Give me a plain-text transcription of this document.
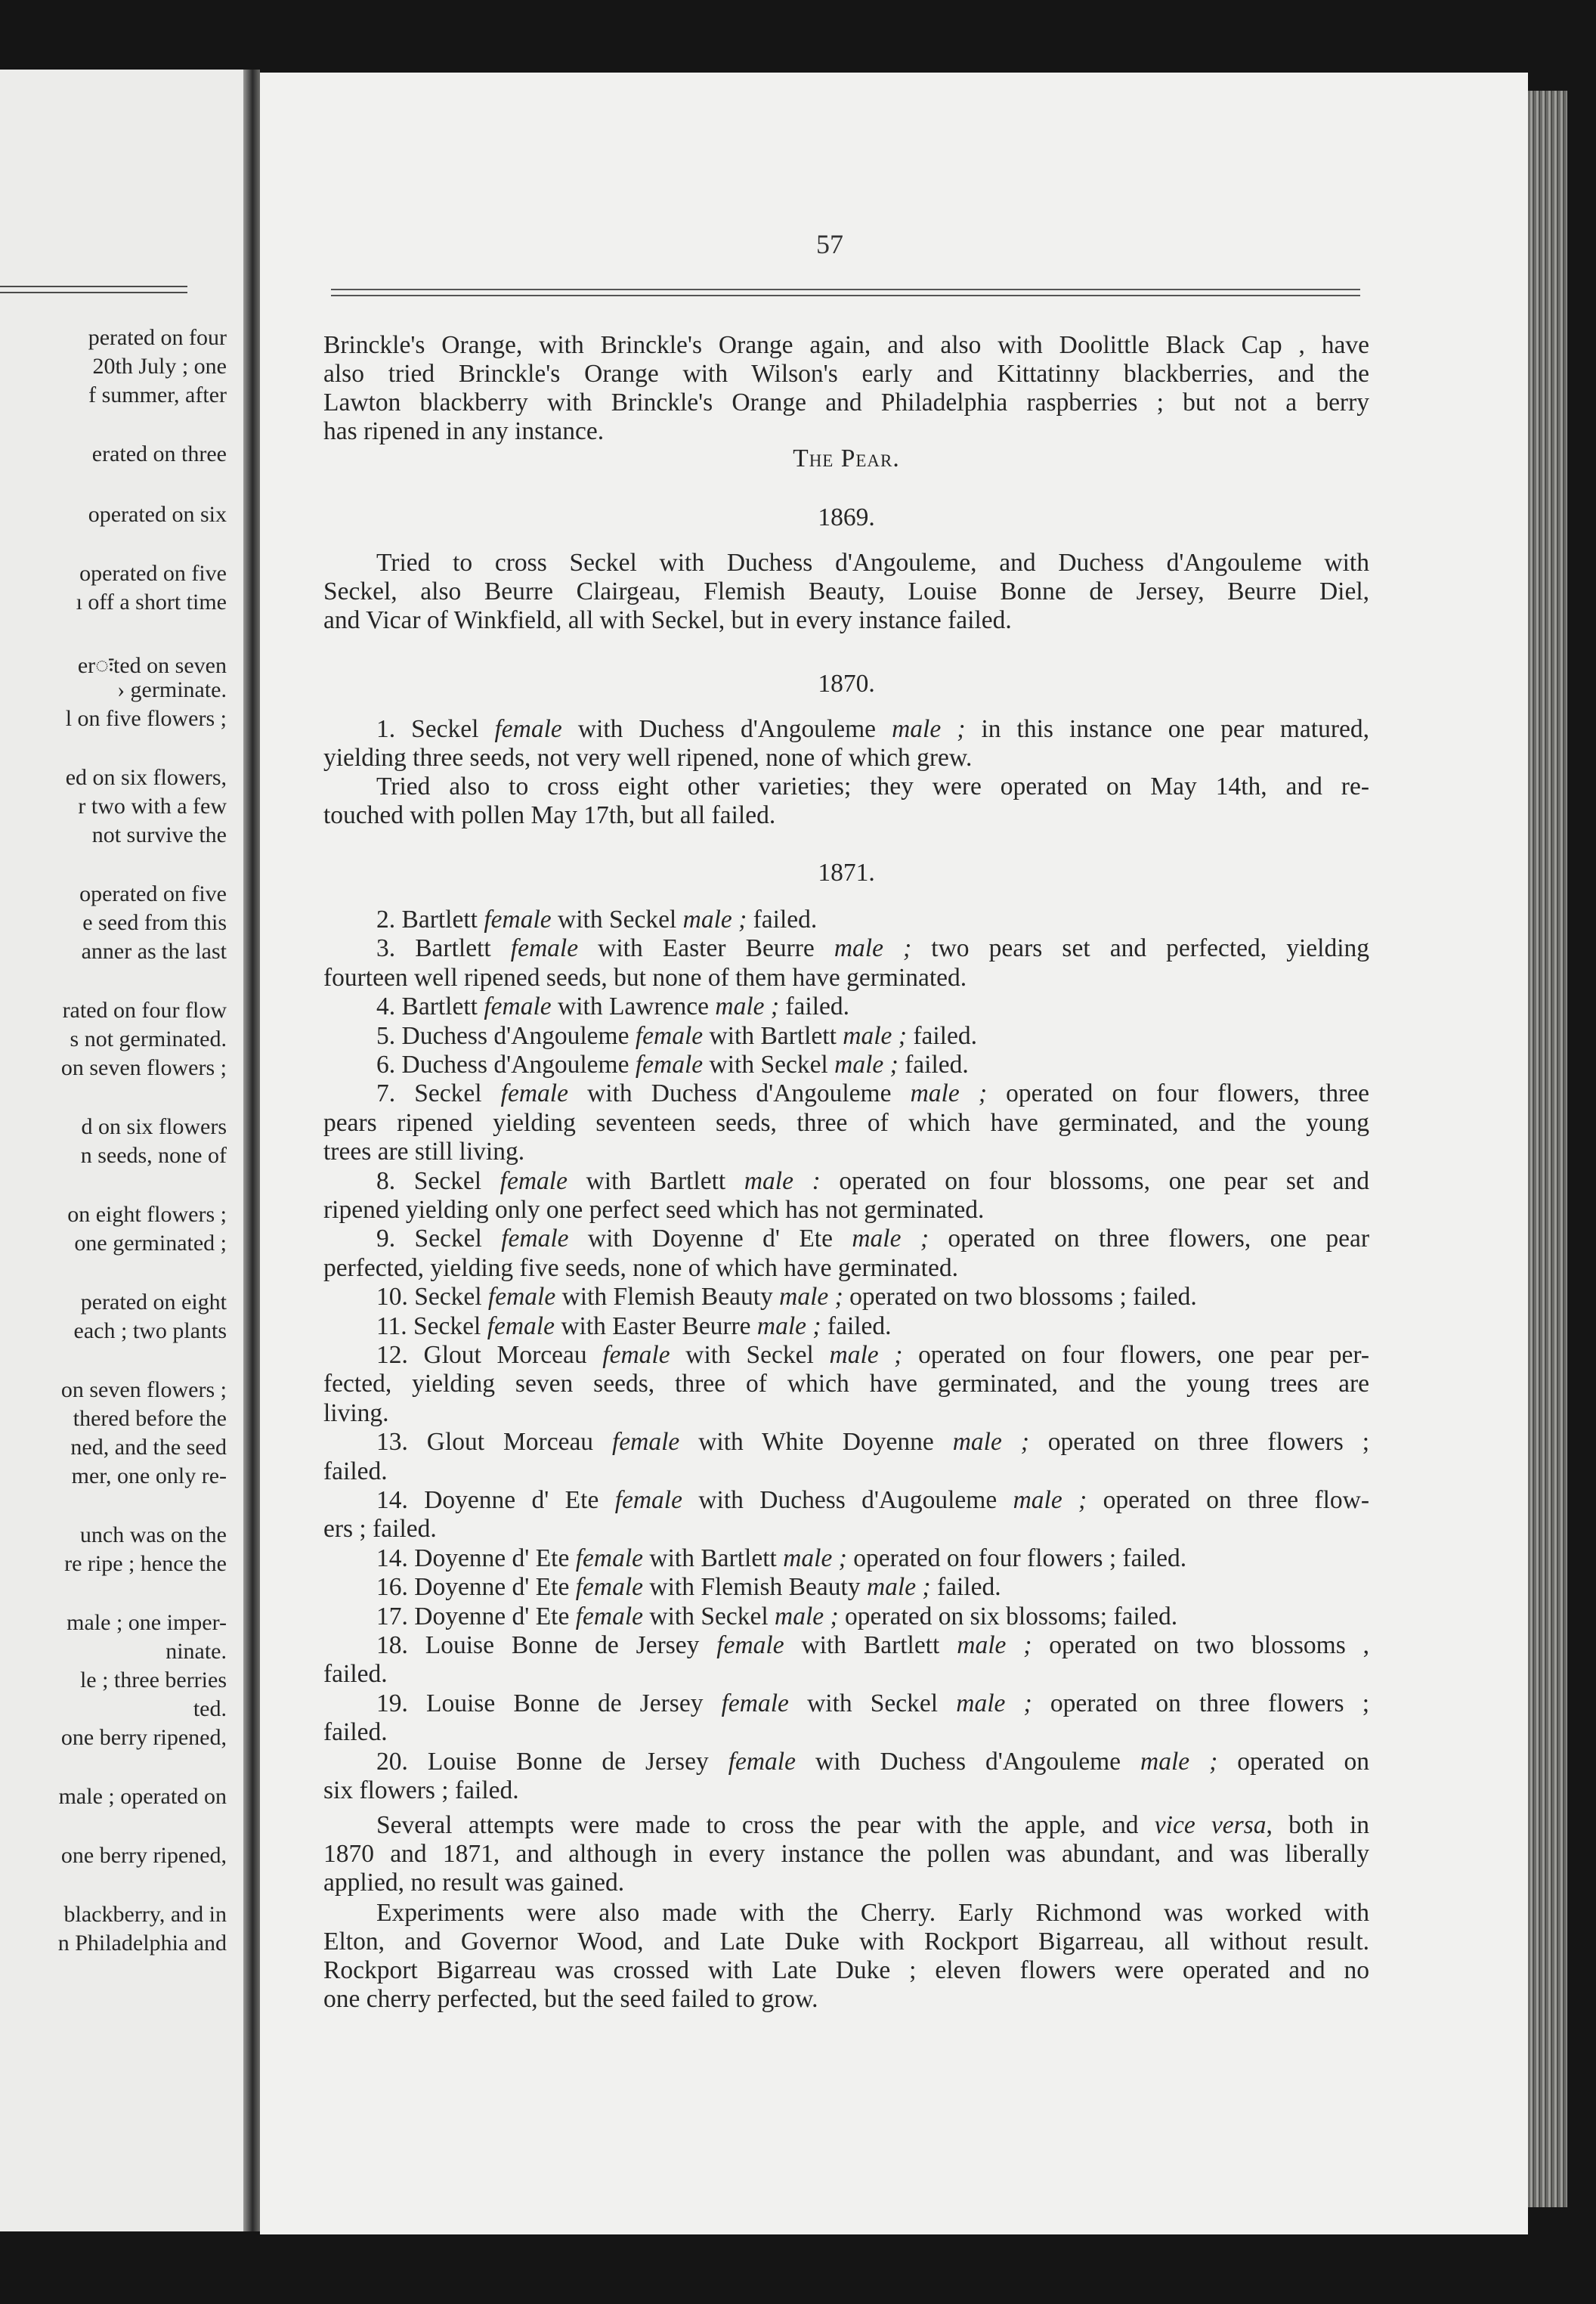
perated on four
20th July ; one
f summer, after
erated on three
operated on six
operated on five
ı off a short time
erःted on seven
› germinate.
l on five flowers ;
ed on six flowers,
r two with a few
not survive the
operated on five
e seed from this
anner as the last
rated on four flow
s not germinated.
on seven flowers ;
d on six flowers
n seeds, none of
on eight flowers ;
one germinated ;
perated on eight
each ; two plants
on seven flowers ;
thered before the
ned, and the seed
mer, one only re-
unch was on the
re ripe ; hence the
male ; one imper-
ninate.
le ; three berries
ted.
one berry ripened,
male ; operated on
one berry ripened,
blackberry, and in
n Philadelphia and
57
Brinckle's Orange, with Brinckle's Orange again, and also with Doolittle Black Cap , have
also tried Brinckle's Orange with Wilson's early and Kittatinny blackberries, and the
Lawton blackberry with Brinckle's Orange and Philadelphia raspberries ; but not a berry
has ripened in any instance.
The Pear.
1869.
Tried to cross Seckel with Duchess d'Angouleme, and Duchess d'Angouleme with
Seckel, also Beurre Clairgeau, Flemish Beauty, Louise Bonne de Jersey, Beurre Diel,
and Vicar of Winkfield, all with Seckel, but in every instance failed.
1870.
1. Seckel female with Duchess d'Angouleme male ; in this instance one pear matured,
yielding three seeds, not very well ripened, none of which grew.
Tried also to cross eight other varieties; they were operated on May 14th, and re-
touched with pollen May 17th, but all failed.
1871.
2. Bartlett female with Seckel male ; failed.
3. Bartlett female with Easter Beurre male ; two pears set and perfected, yielding
fourteen well ripened seeds, but none of them have germinated.
4. Bartlett female with Lawrence male ; failed.
5. Duchess d'Angouleme female with Bartlett male ; failed.
6. Duchess d'Angouleme female with Seckel male ; failed.
7. Seckel female with Duchess d'Angouleme male ; operated on four flowers, three
pears ripened yielding seventeen seeds, three of which have germinated, and the young
trees are still living.
8. Seckel female with Bartlett male : operated on four blossoms, one pear set and
ripened yielding only one perfect seed which has not germinated.
9. Seckel female with Doyenne d' Ete male ; operated on three flowers, one pear
perfected, yielding five seeds, none of which have germinated.
10. Seckel female with Flemish Beauty male ; operated on two blossoms ; failed.
11. Seckel female with Easter Beurre male ; failed.
12. Glout Morceau female with Seckel male ; operated on four flowers, one pear per-
fected, yielding seven seeds, three of which have germinated, and the young trees are
living.
13. Glout Morceau female with White Doyenne male ; operated on three flowers ;
failed.
14. Doyenne d' Ete female with Duchess d'Augouleme male ; operated on three flow-
ers ; failed.
14. Doyenne d' Ete female with Bartlett male ; operated on four flowers ; failed.
16. Doyenne d' Ete female with Flemish Beauty male ; failed.
17. Doyenne d' Ete female with Seckel male ; operated on six blossoms; failed.
18. Louise Bonne de Jersey female with Bartlett male ; operated on two blossoms ,
failed.
19. Louise Bonne de Jersey female with Seckel male ; operated on three flowers ;
failed.
20. Louise Bonne de Jersey female with Duchess d'Angouleme male ; operated on
six flowers ; failed.
Several attempts were made to cross the pear with the apple, and vice versa, both in
1870 and 1871, and although in every instance the pollen was abundant, and was liberally
applied, no result was gained.
Experiments were also made with the Cherry. Early Richmond was worked with
Elton, and Governor Wood, and Late Duke with Rockport Bigarreau, all without result.
Rockport Bigarreau was crossed with Late Duke ; eleven flowers were operated and no
one cherry perfected, but the seed failed to grow.
